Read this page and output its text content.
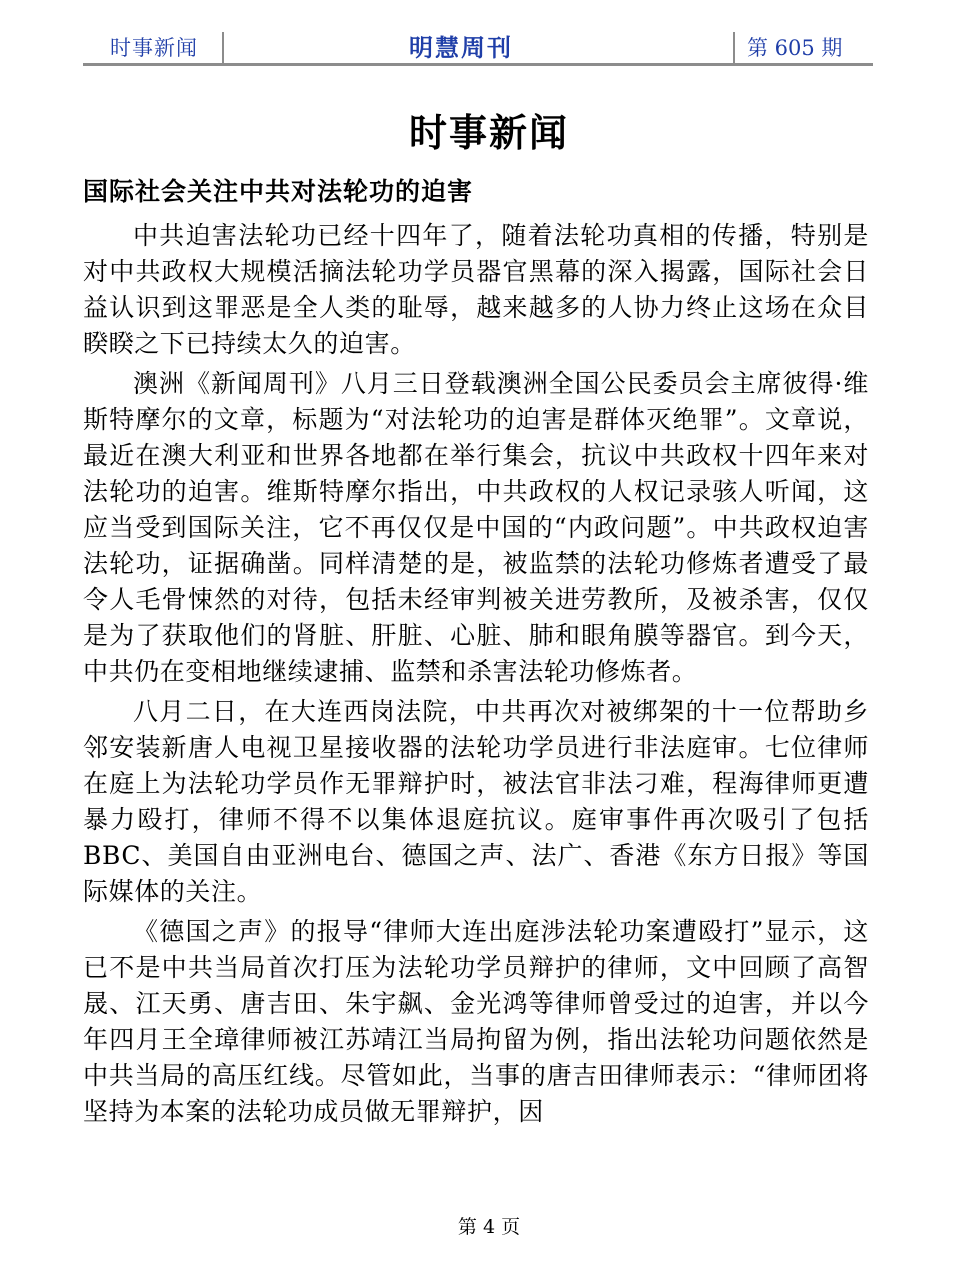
时事新闻	明慧周刊	第 605 期
时事新闻
国际社会关注中共对法轮功的迫害

中共迫害法轮功已经十四年了，随着法轮功真相的传播，特别是对中共政权大规模活摘法轮功学员器官黑幕的深入揭露，国际社会日益认识到这罪恶是全人类的耻辱，越来越多的人协力终止这场在众目睽睽之下已持续太久的迫害。

澳洲《新闻周刊》八月三日登载澳洲全国公民委员会主席彼得·维斯特摩尔的文章，标题为“对法轮功的迫害是群体灭绝罪”。文章说，最近在澳大利亚和世界各地都在举行集会，抗议中共政权十四年来对法轮功的迫害。维斯特摩尔指出，中共政权的人权记录骇人听闻，这应当受到国际关注，它不再仅仅是中国的“内政问题”。中共政权迫害法轮功，证据确凿。同样清楚的是，被监禁的法轮功修炼者遭受了最令人毛骨悚然的对待，包括未经审判被关进劳教所，及被杀害，仅仅是为了获取他们的肾脏、肝脏、心脏、肺和眼角膜等器官。到今天，中共仍在变相地继续逮捕、监禁和杀害法轮功修炼者。

八月二日，在大连西岗法院，中共再次对被绑架的十一位帮助乡邻安装新唐人电视卫星接收器的法轮功学员进行非法庭审。七位律师在庭上为法轮功学员作无罪辩护时，被法官非法刁难，程海律师更遭暴力殴打，律师不得不以集体退庭抗议。庭审事件再次吸引了包括 BBC、美国自由亚洲电台、德国之声、法广、香港《东方日报》等国际媒体的关注。

《德国之声》的报导“律师大连出庭涉法轮功案遭殴打”显示，这已不是中共当局首次打压为法轮功学员辩护的律师，文中回顾了高智晟、江天勇、唐吉田、朱宇飙、金光鸿等律师曾受过的迫害，并以今年四月王全璋律师被江苏靖江当局拘留为例，指出法轮功问题依然是中共当局的高压红线。尽管如此，当事的唐吉田律师表示：“律师团将坚持为本案的法轮功成员做无罪辩护，因

第 4 页
